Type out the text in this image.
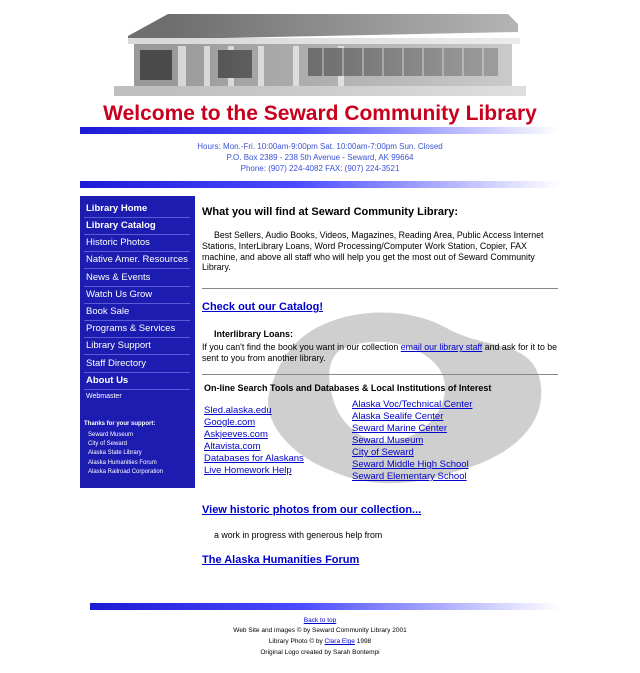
Welcome to the Seward Community Library
Hours: Mon.-Fri. 10:00am-9:00pm Sat. 10:00am-7:00pm Sun. Closed
P.O. Box 2389 - 238 5th Avenue - Seward, AK 99664
Phone: (907) 224-4082 FAX: (907) 224-3521
Library Home
Library Catalog
Historic Photos
Native Amer. Resources
News & Events
Watch Us Grow
Book Sale
Programs & Services
Library Support
Staff Directory
About Us
Webmaster
Thanks for your support:
Seward Museum
City of Seward
Alaska State Library
Alaska Humanities Forum
Alaska Railroad Corporation
What you will find at Seward Community Library:
Best Sellers, Audio Books, Videos, Magazines, Reading Area, Public Access Internet Stations, InterLibrary Loans, Word Processing/Computer Work Station, Copier, FAX machine, and above all staff who will help you get the most out of Seward Community Library.
Check out our Catalog!
Interlibrary Loans:
If you can't find the book you want in our collection email our library staff and ask for it to be sent to you from another library.
On-line Search Tools and Databases & Local Institutions of Interest
Sled.alaska.edu
Google.com
Askjeeves.com
Altavista.com
Databases for Alaskans
Live Homework Help
Alaska Voc/Technical Center
Alaska Sealife Center
Seward Marine Center
Seward Museum
City of Seward
Seward Middle High School
Seward Elementary School
View historic photos from our collection...
a work in progress with generous help from
The Alaska Humanities Forum
Back to top
Web Site and images © by Seward Community Library 2001
Library Photo © by Clara Elge 1998
Original Logo created by Sarah Bontempi
